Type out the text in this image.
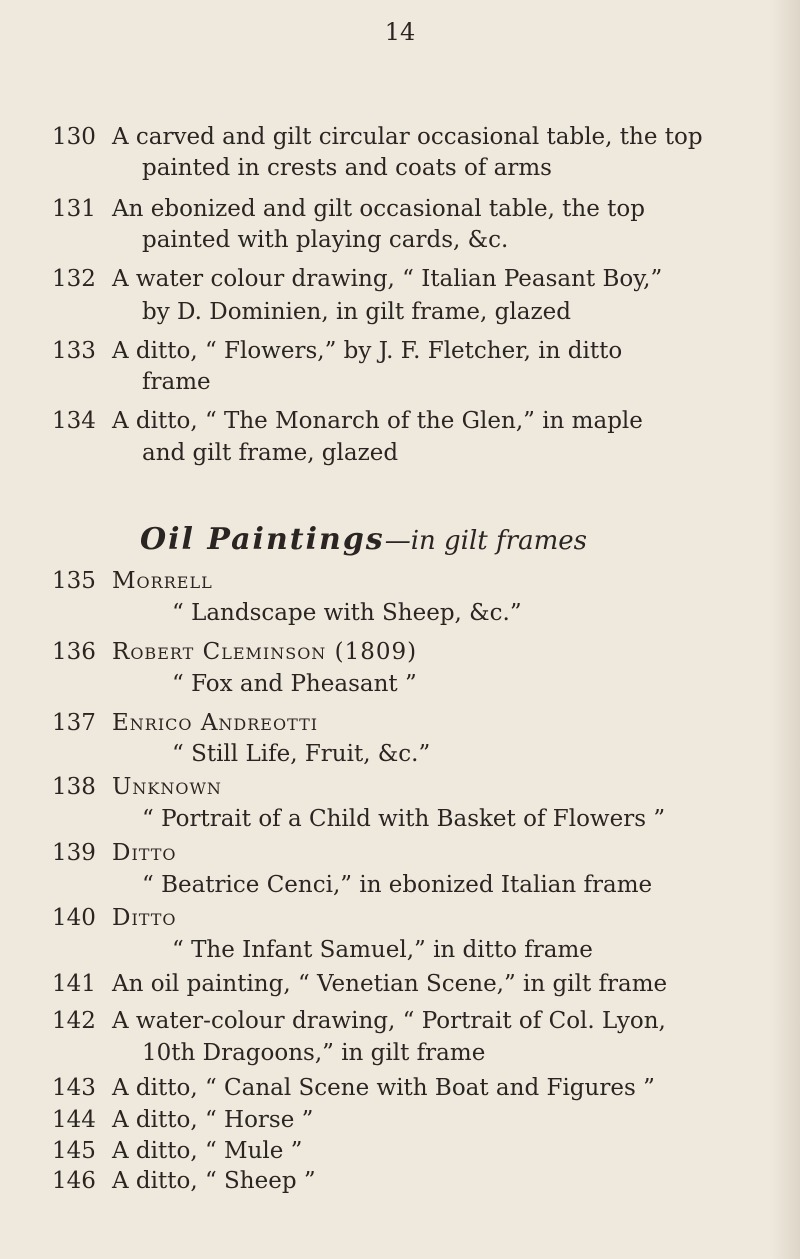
14
130 A carved and gilt circular occasional table, the top
painted in crests and coats of arms
131 An ebonized and gilt occasional table, the top
painted with playing cards, &c.
132 A water colour drawing, “ Italian Peasant Boy,”
by D. Dominien, in gilt frame, glazed
133 A ditto, “ Flowers,” by J. F. Fletcher, in ditto
frame
134 A ditto, “ The Monarch of the Glen,” in maple
and gilt frame, glazed
Oil Paintings—in gilt frames
135 Morrell
“ Landscape with Sheep, &c.”
136 Robert Cleminson (1809)
“ Fox and Pheasant ”
137 Enrico Andreotti
“ Still Life, Fruit, &c.”
138 Unknown
“ Portrait of a Child with Basket of Flowers ”
139 Ditto
“ Beatrice Cenci,” in ebonized Italian frame
140 Ditto
“ The Infant Samuel,” in ditto frame
141 An oil painting, “ Venetian Scene,” in gilt frame
142 A water-colour drawing, “ Portrait of Col. Lyon,
10th Dragoons,” in gilt frame
143 A ditto, “ Canal Scene with Boat and Figures ”
144 A ditto, “ Horse ”
145 A ditto, “ Mule ”
146 A ditto, “ Sheep ”
